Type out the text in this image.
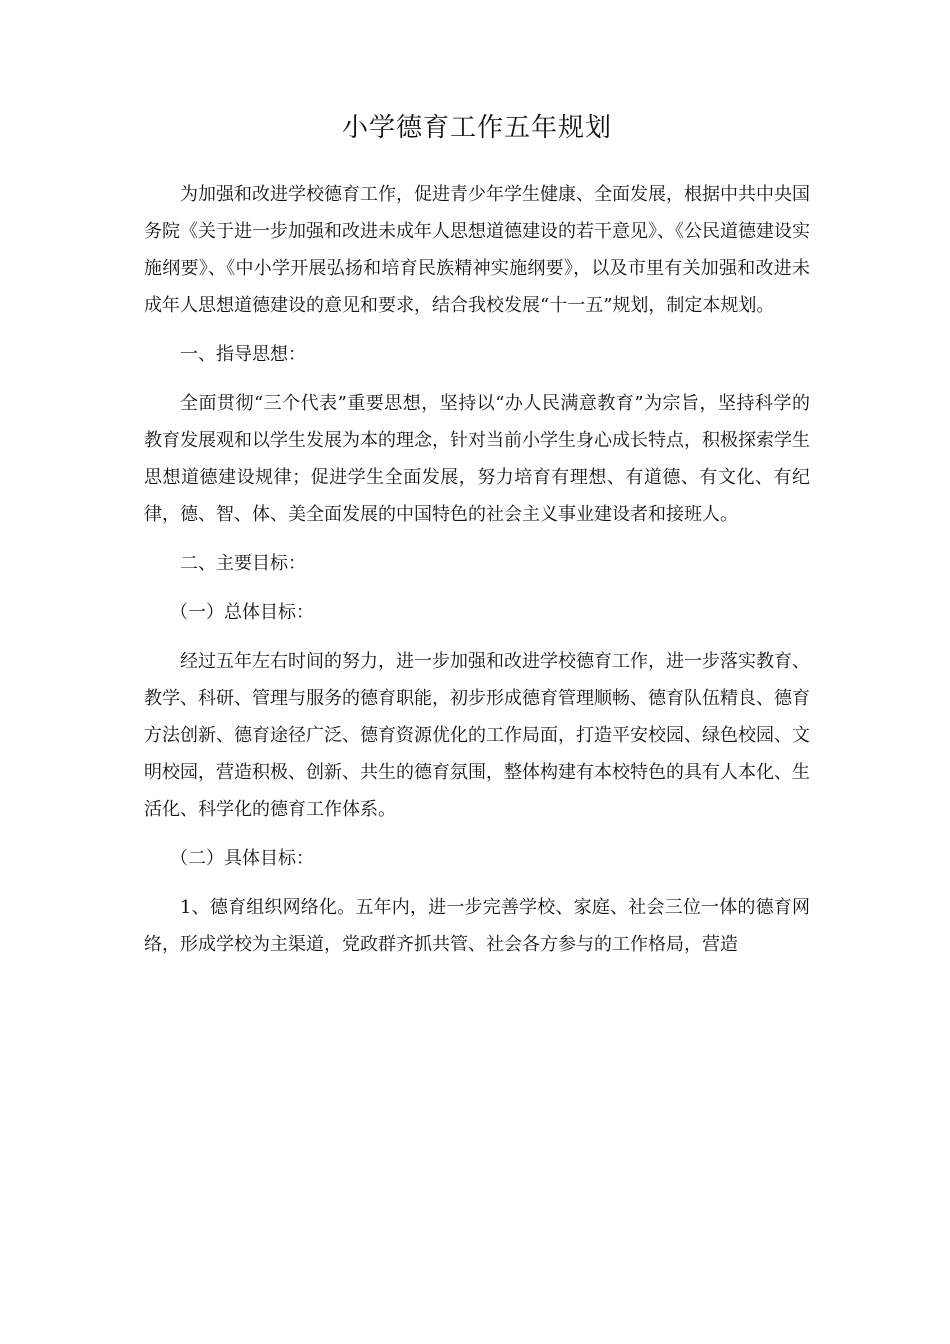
小学德育工作五年规划

为加强和改进学校德育工作，促进青少年学生健康、全面发展，根据中共中央国务院《关于进一步加强和改进未成年人思想道德建设的若干意见》、《公民道德建设实施纲要》、《中小学开展弘扬和培育民族精神实施纲要》，以及市里有关加强和改进未成年人思想道德建设的意见和要求，结合我校发展“十一五”规划，制定本规划。

一、指导思想：

全面贯彻“三个代表”重要思想，坚持以“办人民满意教育”为宗旨，坚持科学的教育发展观和以学生发展为本的理念，针对当前小学生身心成长特点，积极探索学生思想道德建设规律；促进学生全面发展，努力培育有理想、有道德、有文化、有纪律，德、智、体、美全面发展的中国特色的社会主义事业建设者和接班人。

二、主要目标：

（一）总体目标：

经过五年左右时间的努力，进一步加强和改进学校德育工作，进一步落实教育、教学、科研、管理与服务的德育职能，初步形成德育管理顺畅、德育队伍精良、德育方法创新、德育途径广泛、德育资源优化的工作局面，打造平安校园、绿色校园、文明校园，营造积极、创新、共生的德育氛围，整体构建有本校特色的具有人本化、生活化、科学化的德育工作体系。

（二）具体目标：

1、德育组织网络化。五年内，进一步完善学校、家庭、社会三位一体的德育网络，形成学校为主渠道，党政群齐抓共管、社会各方参与的工作格局，营造
